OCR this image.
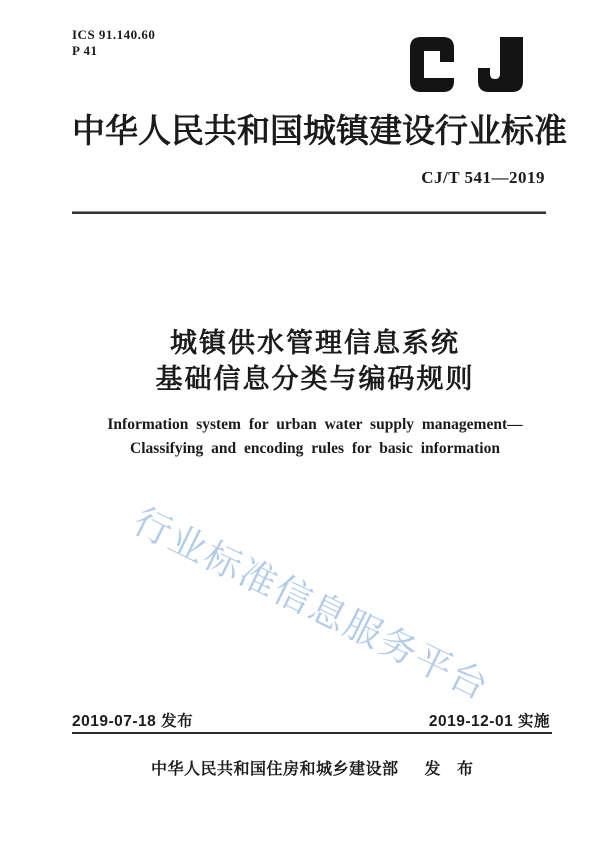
ICS 91.140.60
P 41
中华人民共和国城镇建设行业标准
CJ/T 541—2019
城镇供水管理信息系统
基础信息分类与编码规则
Information system for urban water supply management—
Classifying and encoding rules for basic information
行业标准信息服务平台
2019-07-18 发布	2019-12-01 实施
中华人民共和国住房和城乡建设部 发 布
